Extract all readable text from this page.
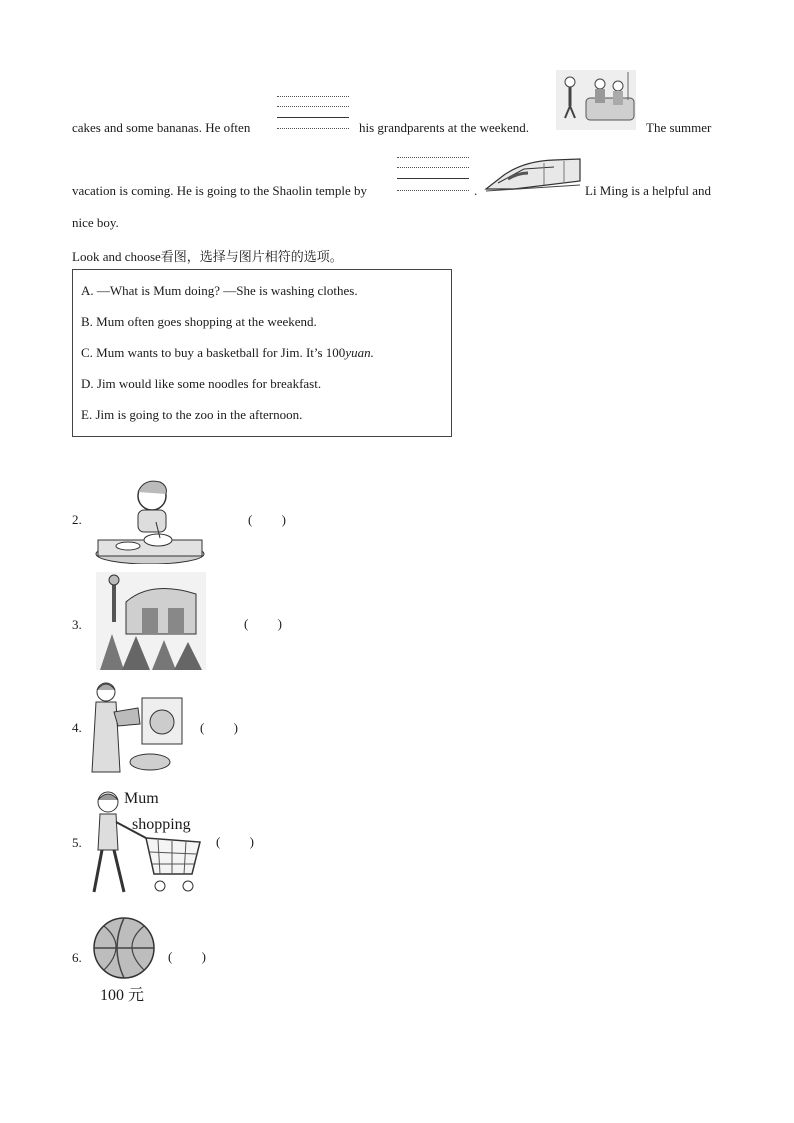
cakes and some bananas. He often	his grandparents at the weekend.	The summer
vacation is coming. He is going to the Shaolin temple by	.	Li Ming is a helpful and
nice boy.
Look and choose看图，选择与图片相符的选项。
A. —What is Mum doing? —She is washing clothes.
B. Mum often goes shopping at the weekend.
C. Mum wants to buy a basketball for Jim. It’s 100yuan.
D. Jim would like some noodles for breakfast.
E. Jim is going to the zoo in the afternoon.
2.	(         )
3.	(         )
4.	(         )
5.
Mum
shopping
(         )
6.
100 元
(         )
